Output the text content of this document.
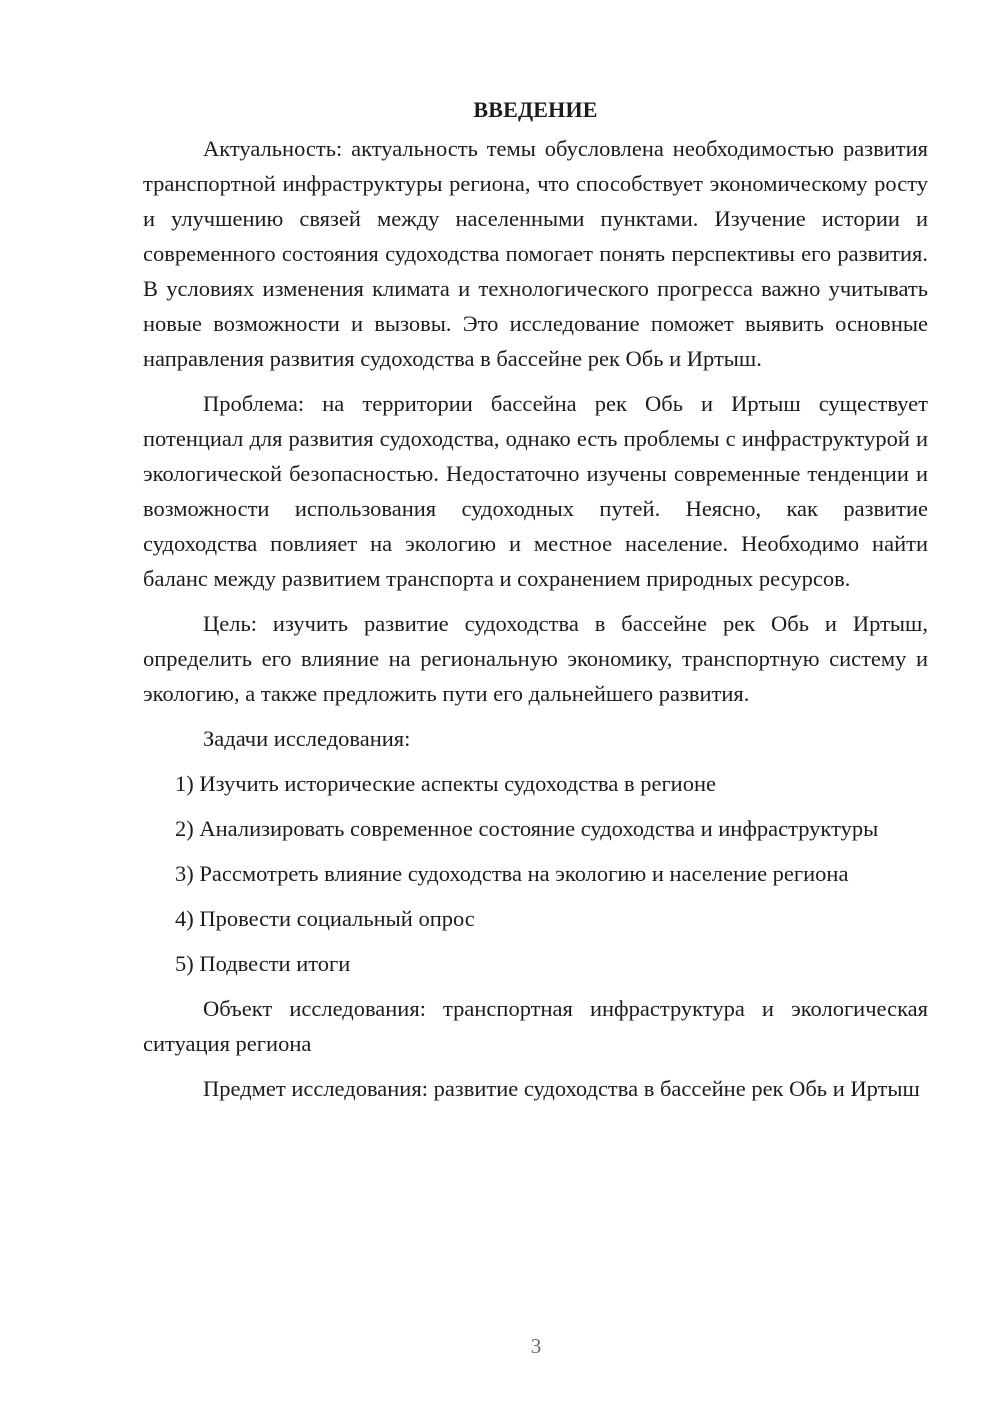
ВВЕДЕНИЕ

Актуальность: актуальность темы обусловлена необходимостью развития транспортной инфраструктуры региона, что способствует экономическому росту и улучшению связей между населенными пунктами. Изучение истории и современного состояния судоходства помогает понять перспективы его развития. В условиях изменения климата и технологического прогресса важно учитывать новые возможности и вызовы. Это исследование поможет выявить основные направления развития судоходства в бассейне рек Обь и Иртыш.

Проблема: на территории бассейна рек Обь и Иртыш существует потенциал для развития судоходства, однако есть проблемы с инфраструктурой и экологической безопасностью. Недостаточно изучены современные тенденции и возможности использования судоходных путей. Неясно, как развитие судоходства повлияет на экологию и местное население. Необходимо найти баланс между развитием транспорта и сохранением природных ресурсов.

Цель: изучить развитие судоходства в бассейне рек Обь и Иртыш, определить его влияние на региональную экономику, транспортную систему и экологию, а также предложить пути его дальнейшего развития.

Задачи исследования:

1) Изучить исторические аспекты судоходства в регионе

2) Анализировать современное состояние судоходства и инфраструктуры

3) Рассмотреть влияние судоходства на экологию и население региона

4) Провести социальный опрос

5) Подвести итоги

Объект исследования: транспортная инфраструктура и экологическая ситуация региона

Предмет исследования: развитие судоходства в бассейне рек Обь и Иртыш

3
